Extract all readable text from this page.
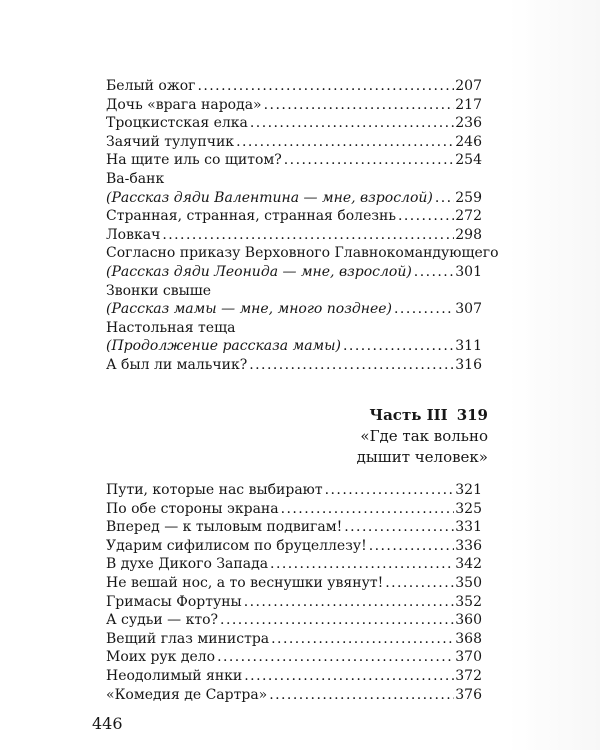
Белый ожог . . .	207
Дочь «врага народа» . . .	217
Троцкистская елка . . .	236
Заячий тулупчик . . .	246
На щите иль со щитом? . . .	254
Ва-банк
(Рассказ дяди Валентина — мне, взрослой) . . . 259
Странная, странная, странная болезнь . . .	272
Ловкач . . .	298
Согласно приказу Верховного Главнокомандующего
(Рассказ дяди Леонида — мне, взрослой) . . .	301
Звонки свыше
(Рассказ мамы — мне, много позднее) . . .	307
Настольная теща
(Продолжение рассказа мамы) . . .	311
А был ли мальчик? . . .	316
Часть III 319
«Где так вольно
дышит человек»
Пути, которые нас выбирают . . .	321
По обе стороны экрана . . .	325
Вперед — к тыловым подвигам! . . .	331
Ударим сифилисом по бруцеллезу! . . .	336
В духе Дикого Запада . . .	342
Не вешай нос, а то веснушки увянут! . . .	350
Гримасы Фортуны . . .	352
А судьи — кто? . . .	360
Вещий глаз министра . . .	368
Моих рук дело . . .	370
Неодолимый янки . . .	372
«Комедия де Сартра» . . .	376
446
